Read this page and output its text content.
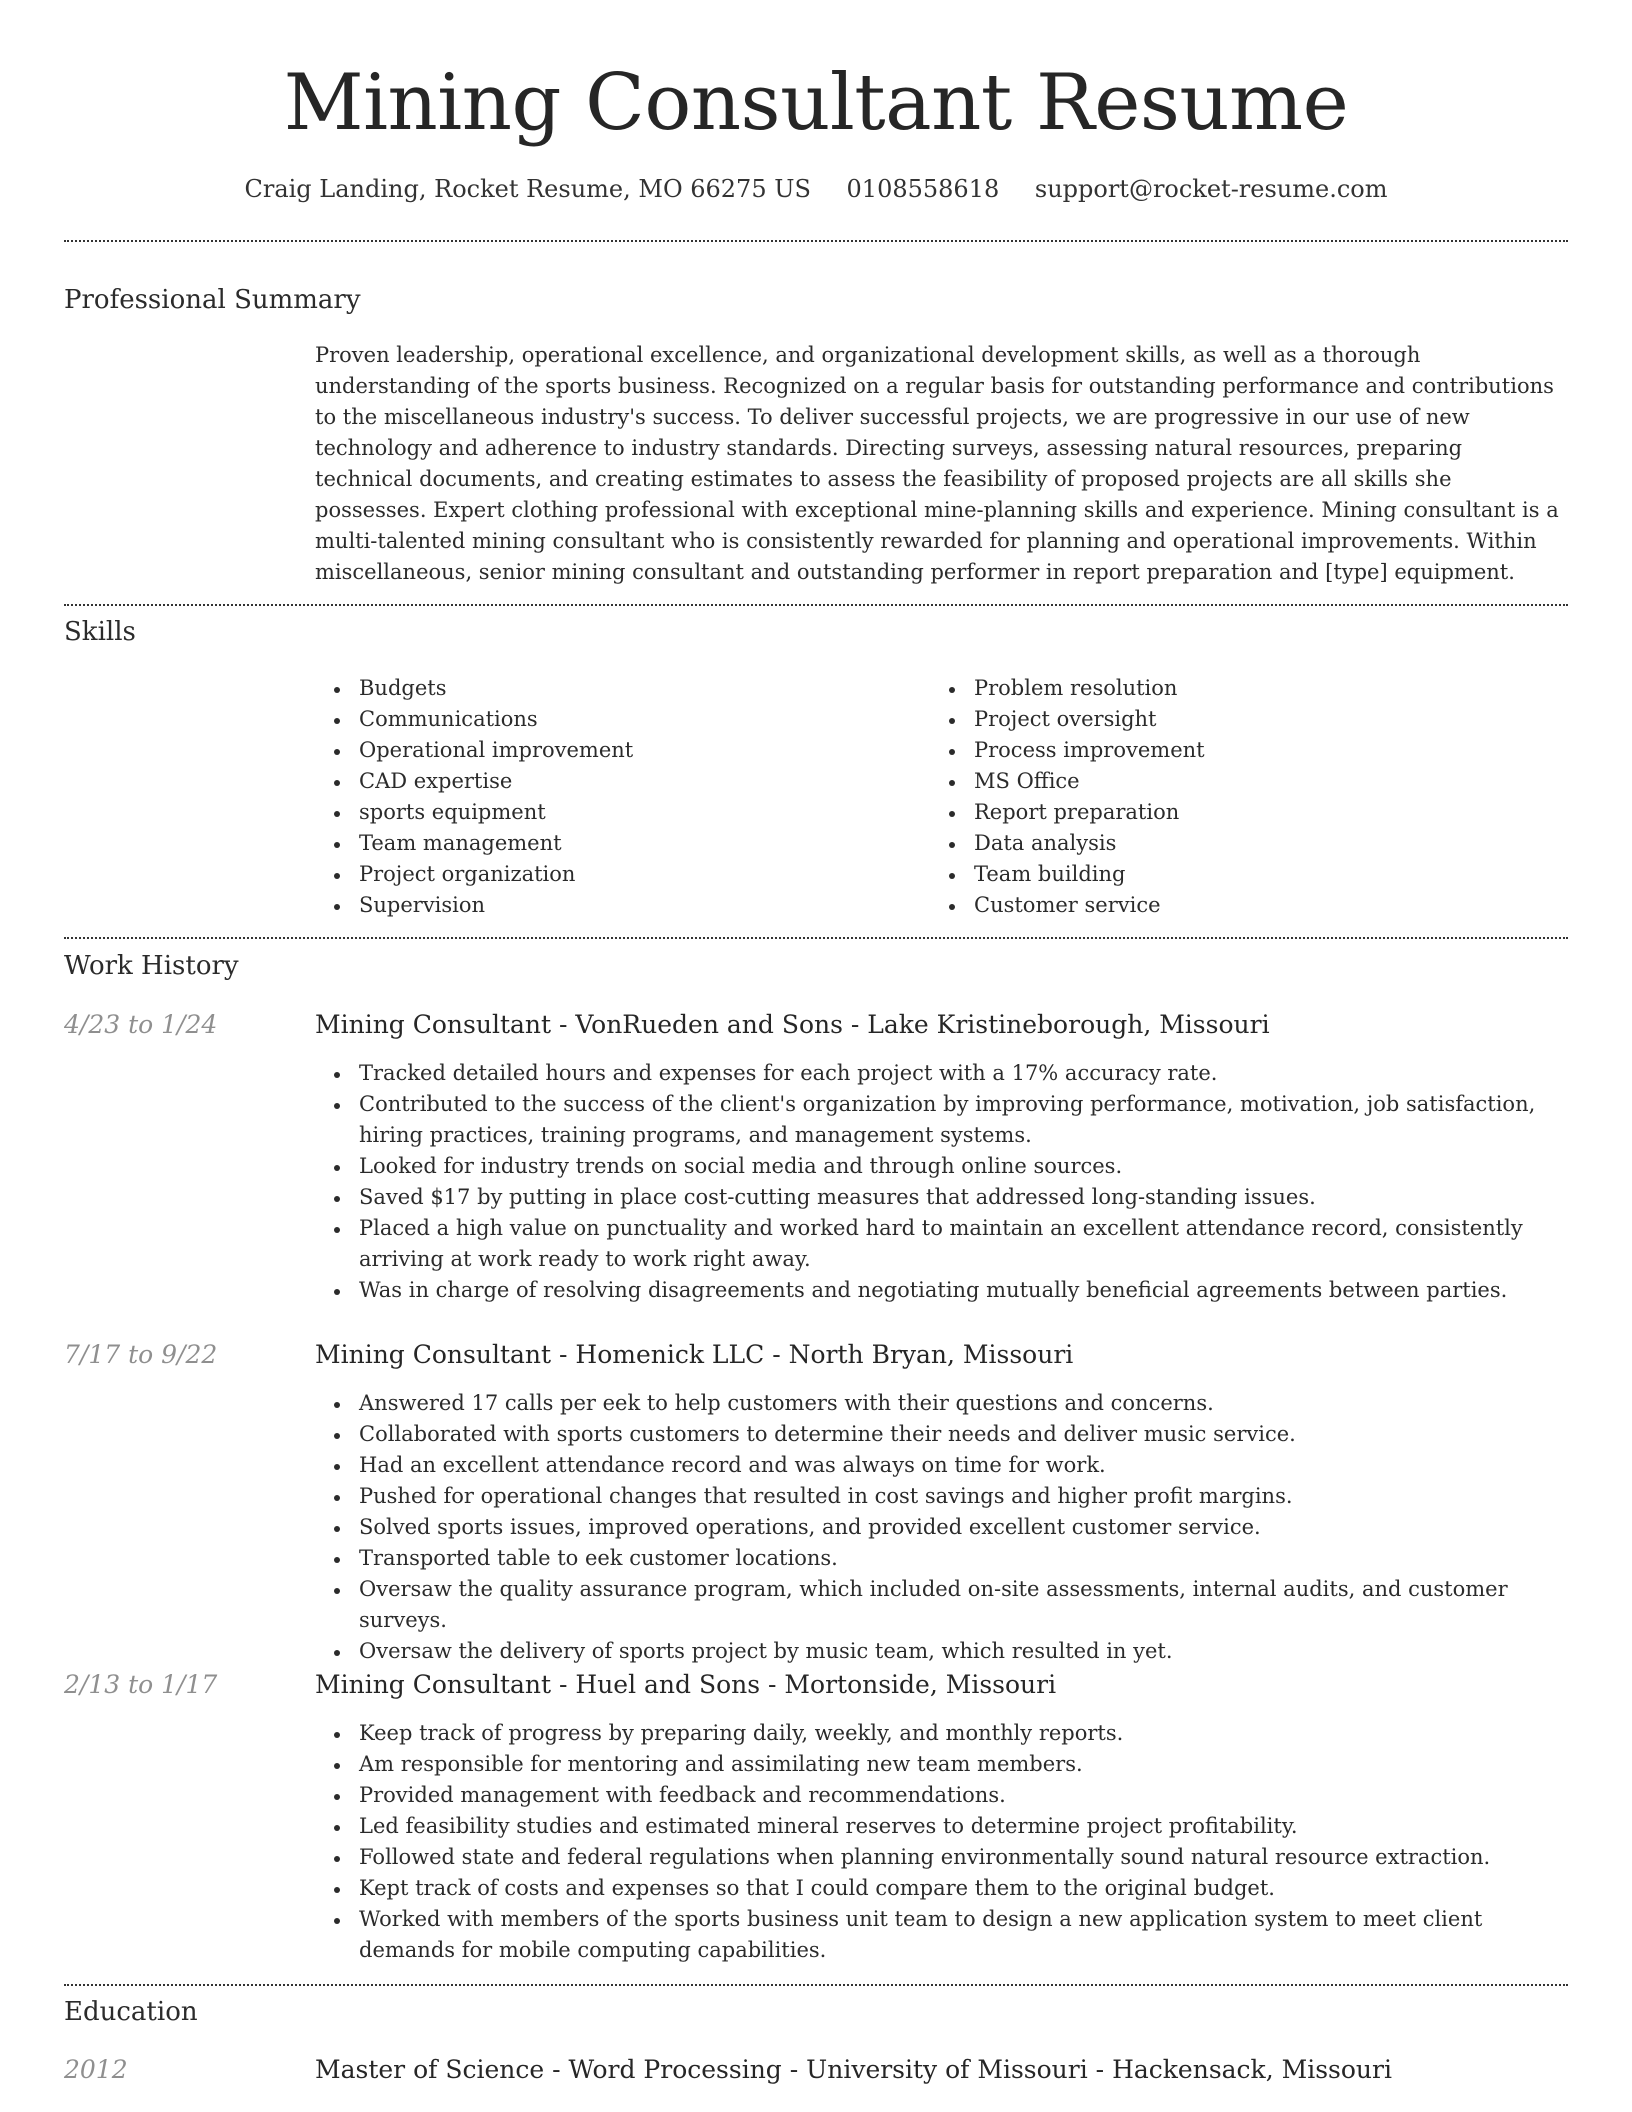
Mining Consultant Resume
Craig Landing, Rocket Resume, MO 66275 US 0108558618 support@rocket-resume.com
Professional Summary
Proven leadership, operational excellence, and organizational development skills, as well as a thorough understanding of the sports business. Recognized on a regular basis for outstanding performance and contributions to the miscellaneous industry's success. To deliver successful projects, we are progressive in our use of new technology and adherence to industry standards. Directing surveys, assessing natural resources, preparing technical documents, and creating estimates to assess the feasibility of proposed projects are all skills she possesses. Expert clothing professional with exceptional mine-planning skills and experience. Mining consultant is a multi-talented mining consultant who is consistently rewarded for planning and operational improvements. Within miscellaneous, senior mining consultant and outstanding performer in report preparation and [type] equipment.
Skills
Budgets
Communications
Operational improvement
CAD expertise
sports equipment
Team management
Project organization
Supervision
Problem resolution
Project oversight
Process improvement
MS Office
Report preparation
Data analysis
Team building
Customer service
Work History
4/23 to 1/24	Mining Consultant - VonRueden and Sons - Lake Kristineborough, Missouri
Tracked detailed hours and expenses for each project with a 17% accuracy rate.
Contributed to the success of the client's organization by improving performance, motivation, job satisfaction, hiring practices, training programs, and management systems.
Looked for industry trends on social media and through online sources.
Saved $17 by putting in place cost-cutting measures that addressed long-standing issues.
Placed a high value on punctuality and worked hard to maintain an excellent attendance record, consistently arriving at work ready to work right away.
Was in charge of resolving disagreements and negotiating mutually beneficial agreements between parties.
7/17 to 9/22	Mining Consultant - Homenick LLC - North Bryan, Missouri
Answered 17 calls per eek to help customers with their questions and concerns.
Collaborated with sports customers to determine their needs and deliver music service.
Had an excellent attendance record and was always on time for work.
Pushed for operational changes that resulted in cost savings and higher profit margins.
Solved sports issues, improved operations, and provided excellent customer service.
Transported table to eek customer locations.
Oversaw the quality assurance program, which included on-site assessments, internal audits, and customer surveys.
Oversaw the delivery of sports project by music team, which resulted in yet.
2/13 to 1/17	Mining Consultant - Huel and Sons - Mortonside, Missouri
Keep track of progress by preparing daily, weekly, and monthly reports.
Am responsible for mentoring and assimilating new team members.
Provided management with feedback and recommendations.
Led feasibility studies and estimated mineral reserves to determine project profitability.
Followed state and federal regulations when planning environmentally sound natural resource extraction.
Kept track of costs and expenses so that I could compare them to the original budget.
Worked with members of the sports business unit team to design a new application system to meet client demands for mobile computing capabilities.
Education
2012	Master of Science - Word Processing - University of Missouri - Hackensack, Missouri
